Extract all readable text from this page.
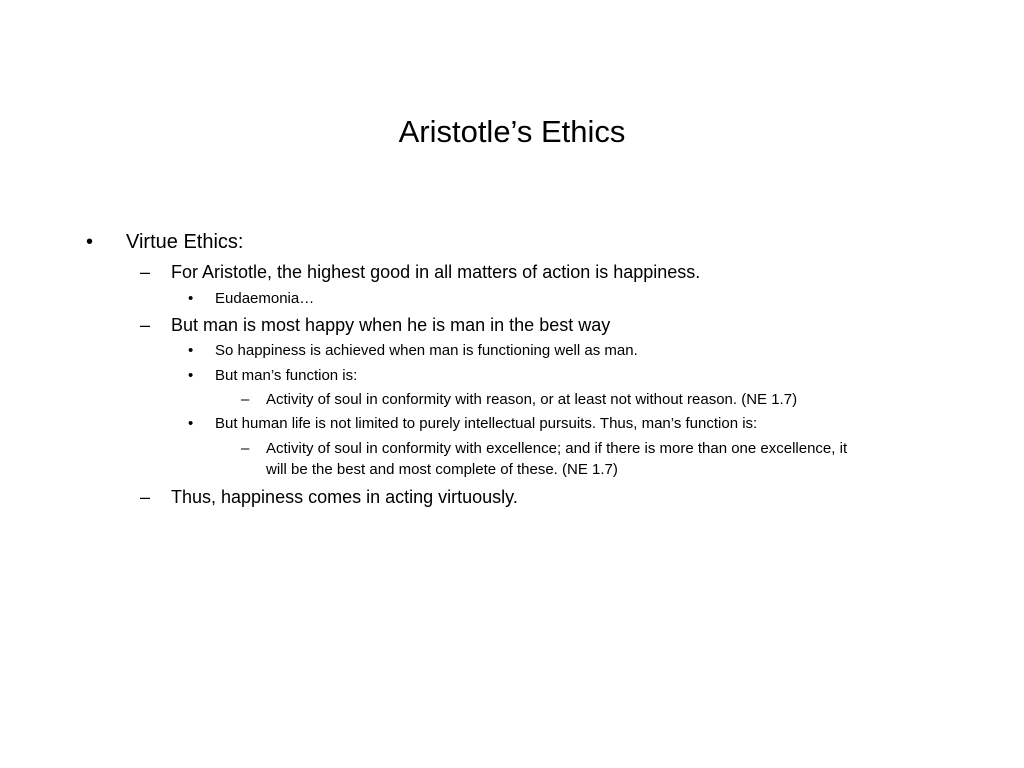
Aristotle’s Ethics
• Virtue Ethics:
– For Aristotle, the highest good in all matters of action is happiness.
• Eudaemonia…
– But man is most happy when he is man in the best way
• So happiness is achieved when man is functioning well as man.
• But man’s function is:
– Activity of soul in conformity with reason, or at least not without reason. (NE 1.7)
• But human life is not limited to purely intellectual pursuits. Thus, man’s function is:
– Activity of soul in conformity with excellence; and if there is more than one excellence, it
will be the best and most complete of these. (NE 1.7)
– Thus, happiness comes in acting virtuously.
